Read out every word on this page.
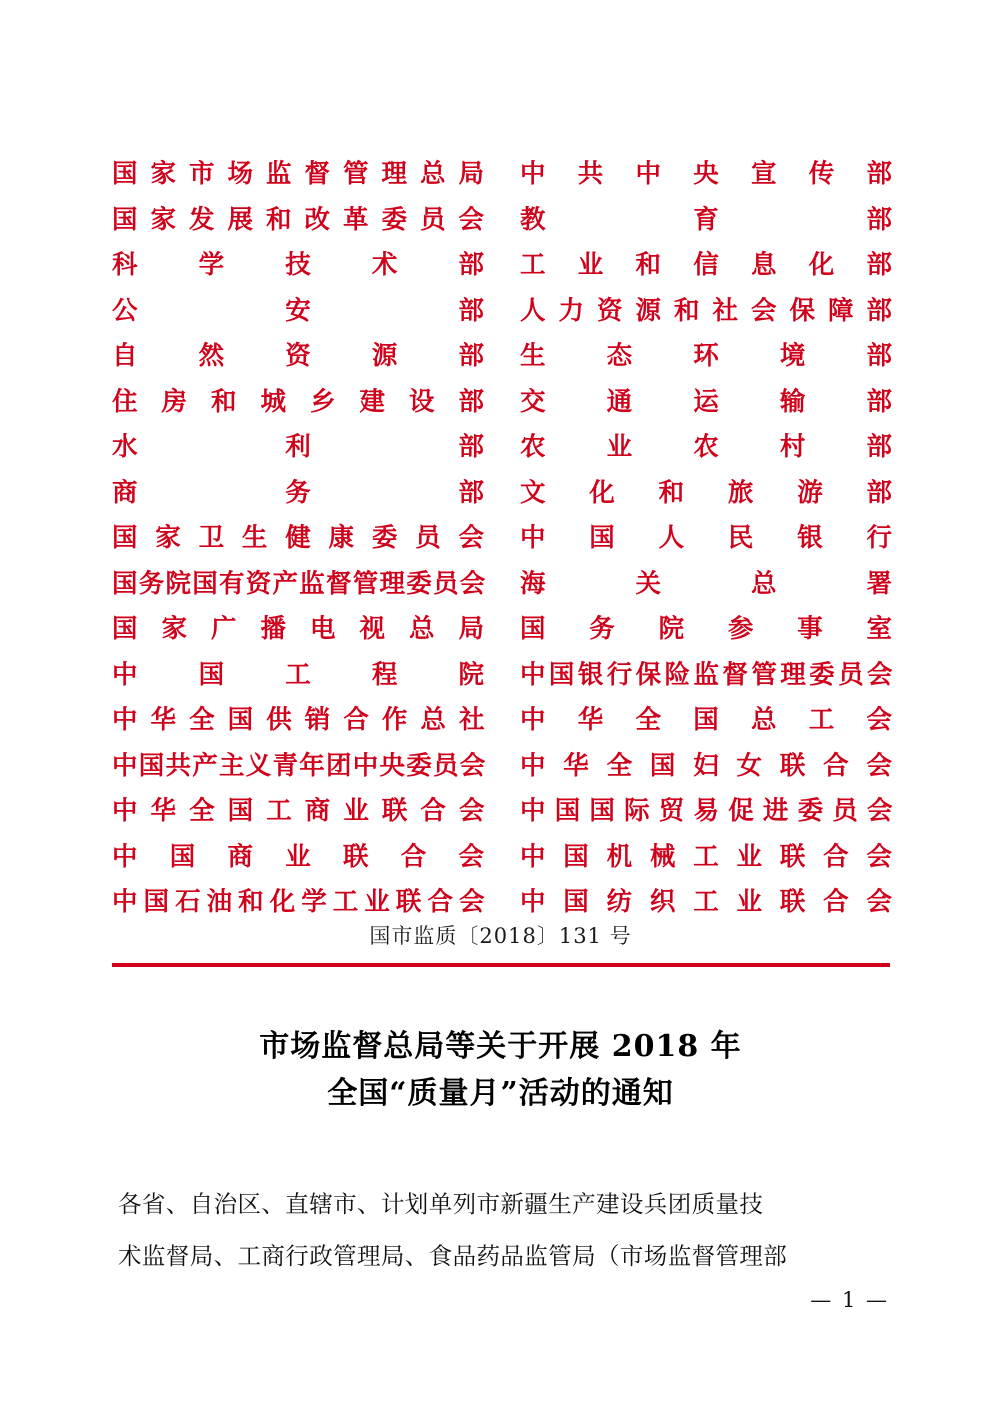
国家市场监督管理总局
国家发展和改革委员会
科 学 技 术 部
公 安 部
自 然 资 源 部
住房和城乡建设部
水 利 部
商 务 部
国家卫生健康委员会
国务院国有资产监督管理委员会
国家广播电视总局
中 国 工 程 院
中华全国供销合作总社
中国共产主义青年团中央委员会
中华全国工商业联合会
中国商业联合会
中国石油和化学工业联合会
中共中央宣传部
教 育 部
工业和信息化部
人力资源和社会保障部
生 态 环 境 部
交 通 运 输 部
农 业 农 村 部
文 化 和 旅 游 部
中 国 人 民 银 行
海 关 总 署
国 务 院 参 事 室
中国银行保险监督管理委员会
中华全国总工会
中华全国妇女联合会
中国国际贸易促进委员会
中国机械工业联合会
中国纺织工业联合会
国市监质〔2018〕131 号
市场监督总局等关于开展 2018 年
全国“质量月”活动的通知

各省、自治区、直辖市、计划单列市新疆生产建设兵团质量技

术监督局、工商行政管理局、食品药品监管局（市场监督管理部

— 1 —
